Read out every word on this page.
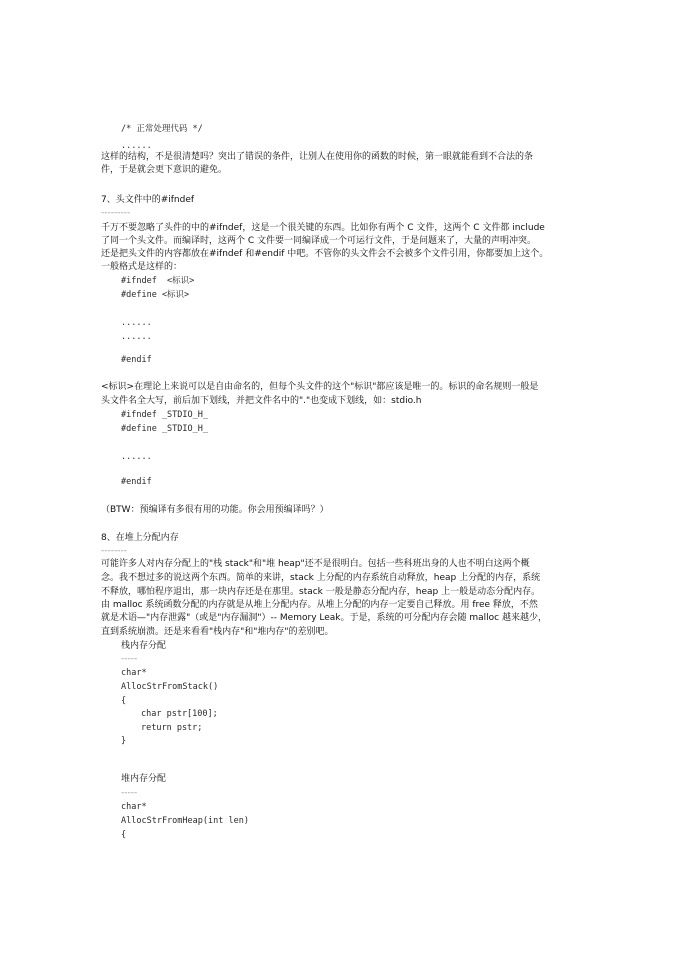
/* 正常处理代码 */
......
这样的结构，不是很清楚吗？突出了错误的条件，让别人在使用你的函数的时候，第一眼就能看到不合法的条
件，于是就会更下意识的避免。
7、头文件中的#ifndef
---------
千万不要忽略了头件的中的#ifndef，这是一个很关键的东西。比如你有两个 C 文件，这两个 C 文件都 include
了同一个头文件。而编译时，这两个 C 文件要一同编译成一个可运行文件，于是问题来了，大量的声明冲突。
还是把头文件的内容都放在#ifndef 和#endif 中吧。不管你的头文件会不会被多个文件引用，你都要加上这个。
一般格式是这样的：
#ifndef  <标识>
#define <标识>
......
......
#endif
<标识>在理论上来说可以是自由命名的，但每个头文件的这个"标识"都应该是唯一的。标识的命名规则一般是
头文件名全大写，前后加下划线，并把文件名中的"."也变成下划线，如：stdio.h
#ifndef _STDIO_H_
#define _STDIO_H_
......
#endif
（BTW：预编译有多很有用的功能。你会用预编译吗？）
8、在堆上分配内存
--------
可能许多人对内存分配上的"栈 stack"和"堆 heap"还不是很明白。包括一些科班出身的人也不明白这两个概
念。我不想过多的说这两个东西。简单的来讲，stack 上分配的内存系统自动释放，heap 上分配的内存，系统
不释放，哪怕程序退出，那一块内存还是在那里。stack 一般是静态分配内存，heap 上一般是动态分配内存。
由 malloc 系统函数分配的内存就是从堆上分配内存。从堆上分配的内存一定要自己释放。用 free 释放，不然
就是术语—"内存泄露"（或是"内存漏洞"）-- Memory Leak。于是，系统的可分配内存会随 malloc 越来越少，
直到系统崩溃。还是来看看"栈内存"和"堆内存"的差别吧。
栈内存分配
-----
char*
AllocStrFromStack()
{
char pstr[100];
return pstr;
}
堆内存分配
-----
char*
AllocStrFromHeap(int len)
{
